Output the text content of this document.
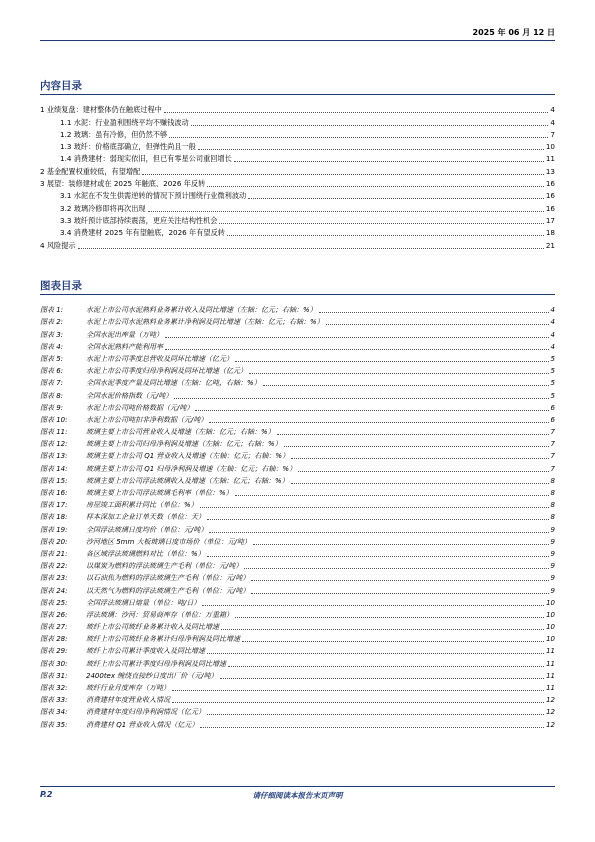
2025 年 06 月 12 日
内容目录
1 业绩复盘：建材整体仍在触底过程中	4
1.1 水泥：行业盈利围绕平均不赚钱波动	4
1.2 玻璃：虽有冷修，但仍然不够	7
1.3 玻纤：价格底部确立，但弹性尚且一般	10
1.4 消费建材：弱现实依旧，但已有零星公司重回增长	11
2 基金配置权重较低，有望增配	13
3 展望：装修建材或在 2025 年触底、2026 年反转	16
3.1 水泥在不发生供需逆转的情况下预计围绕行业微利波动	16
3.2 玻璃冷修即将再次出现	16
3.3 玻纤预计底部持续震荡，更应关注结构性机会	17
3.4 消费建材 2025 年有望触底，2026 年有望反转	18
4 风险提示	21
图表目录
图表 1:	水泥上市公司水泥熟料业务累计收入及同比增速（左轴：亿元；右轴：%）	4
图表 2:	水泥上市公司水泥熟料业务累计净利润及同比增速（左轴：亿元；右轴：%）	4
图表 3:	全国水泥出库量（万吨）	4
图表 4:	全国水泥熟料产能利用率	4
图表 5:	水泥上市公司季度总营收及同环比增速（亿元）	5
图表 6:	水泥上市公司季度归母净利润及同环比增速（亿元）	5
图表 7:	全国水泥季度产量及同比增速（左轴：亿吨，右轴：%）	5
图表 8:	全国水泥价格指数（元/吨）	5
图表 9:	水泥上市公司吨价格数据（元/吨）	6
图表 10:	水泥上市公司吨扣非净利数据（元/吨）	6
图表 11:	玻璃主要上市公司营业收入及增速（左轴：亿元；右轴：%）	7
图表 12:	玻璃主要上市公司归母净利润及增速（左轴：亿元；右轴：%）	7
图表 13:	玻璃主要上市公司 Q1 营业收入及增速（左轴：亿元；右轴：%）	7
图表 14:	玻璃主要上市公司 Q1 归母净利润及增速（左轴：亿元；右轴：%）	7
图表 15:	玻璃主要上市公司浮法玻璃收入及增速（左轴：亿元；右轴：%）	8
图表 16:	玻璃主要上市公司浮法玻璃毛利率（单位：%）	8
图表 17:	房屋竣工面积累计同比（单位：%）	8
图表 18:	样本深加工企业订单天数（单位：天）	8
图表 19:	全国浮法玻璃日度均价（单位：元/吨）	9
图表 20:	沙河地区 5mm 大板玻璃日度市场价（单位：元/吨）	9
图表 21:	各区域浮法玻璃燃料对比（单位：%）	9
图表 22:	以煤炭为燃料的浮法玻璃生产毛利（单位：元/吨）	9
图表 23:	以石油焦为燃料的浮法玻璃生产毛利（单位：元/吨）	9
图表 24:	以天然气为燃料的浮法玻璃生产毛利（单位：元/吨）	9
图表 25:	全国浮法玻璃日熔量（单位：吨/日）	10
图表 26:	浮法玻璃：沙河：贸易商库存（单位：万重箱）	10
图表 27:	玻纤上市公司玻纤业务累计收入及同比增速	10
图表 28:	玻纤上市公司玻纤业务累计归母净利润及同比增速	10
图表 29:	玻纤上市公司累计季度收入及同比增速	11
图表 30:	玻纤上市公司累计季度归母净利润及同比增速	11
图表 31:	2400tex 缠绕直接纱日度出厂价（元/吨）	11
图表 32:	玻纤行业月度库存（万吨）	11
图表 33:	消费建材年度营业收入情况	12
图表 34:	消费建材年度归母净利润情况（亿元）	12
图表 35:	消费建材 Q1 营业收入情况（亿元）	12
P.2	请仔细阅读本报告末页声明
